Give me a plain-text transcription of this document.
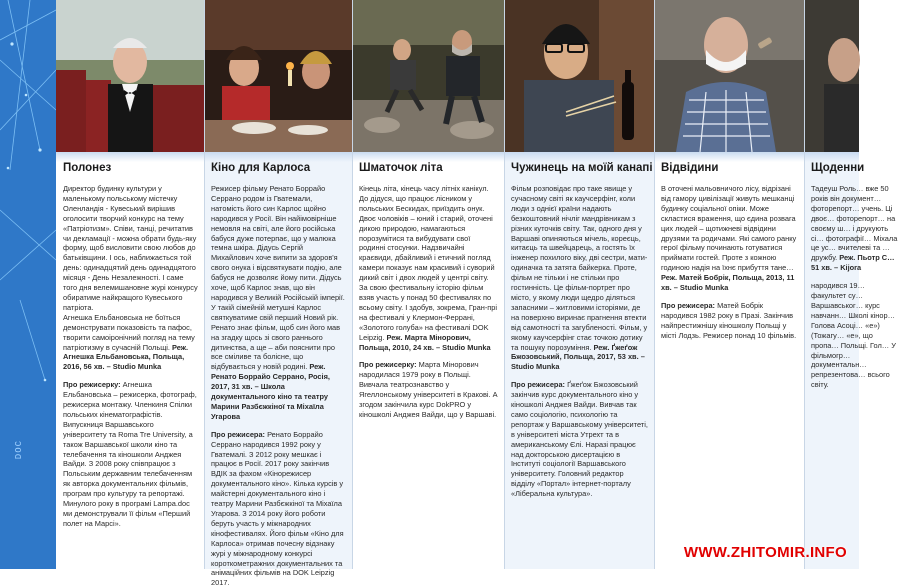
DOC
Полонез

Директор будинку культури у маленькому польському містечку Оленландія - Кувеський вирішив оголосити творчий конкурс на тему «Патріотизм». Співи, танці, речитатив чи декламації - можна обрати будь-яку форму, щоб висловити свою любов до батьківщини. І ось, наближається той день: одинадцятий день одинадцятого місяця - День Незалежності. І саме того дня велемишановне журі конкурсу обиратиме найкращого Кувеського патріота.
Агнешка Ельбановська не боїться демонструвати показовість та пафос, творити самоіронічний погляд на тему патріотизму в сучасній Польщі. Реж. Агнешка Ельбановська, Польща, 2016, 56 хв. – Studio Munka

Про режисерку: Агнешка Ельбановська – режисерка, фотограф, режисерка монтажу. Членкиня Спілки польських кінематографістів. Випускниця Варшавського університету та Roma Tre University, а також Варшавської школи кіно та телебачення та кіношколи Анджея Вайди. З 2008 року співпрацює з Польським державним телебаченням як авторка документальних фільмів, програм про культуру та репортажі. Минулого року в програмі Lampa.doc ми демонстрували її фільм «Перший полет на Марсі».

Кіно для Карлоса

Режисер фільму Ренато Боррайо Серрано родом із Гватемали, натомість його син Карлос щойно народився у Росії. Він найімовірніше немовля на світі, але його російська бабуся дуже потерпає, що у малюка темна шкіра. Дідусь Сергій Михайлович хоче випити за здоров'я свого онука і відсвяткувати подію, але бабуся не дозволяє йому пити. Дідусь хоче, щоб Карлос знав, що він народився у Великій Російській імперії. У такій сімейній метушні Карлос святкуватиме свій перший Новий рік. Ренато знає фільм, щоб син його мав на згадку щось зі свого раннього дитинства, а ще – аби пояснити про все сміливе та болісне, що відбувається у новій родині. Реж. Ренато Боррайо Серрано, Росія, 2017, 31 хв. – Школа документального кіно та театру Марини Разбєжкіної та Міхаїла Угарова

Про режисера: Ренато Боррайо Серрано народився 1992 року у Гватемалі. З 2012 року мешкає і працює в Росії. 2017 року закінчив ВДІК за фахом «Кінорежисер документального кіно». Кілька курсів у майстерні документального кіно і театру Марини Разбєжкіної та Міхаїла Угарова. З 2014 року його роботи беруть участь у міжнародних кінофестивалях. Його фільм «Кіно для Карлоса» отримав почесну відзнаку журі у міжнародному конкурсі короткометражних документальних та анімаційних фільмів на DOK Leipzig 2017.

Шматочок літа

Кінець літа, кінець часу літніх канікул. До дідуся, що працює лісником у польських Бескидах, приїздить онук. Двоє чоловіків – юний і старий, оточені дикою природою, намагаються порозумітися та вибудувати свої родинні стосунки. Надзвичайні краєвиди, дбайливий і етичний погляд камери показує нам красивий і суворий дикий світ і двох людей у центрі світу. За свою фестивальну історію фільм взяв участь у понад 50 фестивалях по всьому світу. І здобув, зокрема, Гран-прі на фестивалі у Клермон-Феррані, «Золотого голуба» на фестивалі DOK Leipzig. Реж. Марта Мінорович, Польща, 2010, 24 хв. – Studio Munka

Про режисерку: Марта Мінорович народилася 1979 року в Польщі. Вивчала театрознавство у Ягеллонському університеті в Кракові. А згодом закінчила курс DokPRO у кіношколі Анджея Вайди, що у Варшаві.

Чужинець на моїй канапі

Фільм розповідає про таке явище у сучасному світі як каучсерфінг, коли люди з однієї країни надають безкоштовний нічліг мандрівникам з різних куточків світу. Так, одного дня у Варшаві опиняються мічель, кореєць, китаєць та швейцарець, а гостять їх інженер похилого віку, дві сестри, мати-одиначка та затята байкерка. Проте, фільм не тільки і не стільки про гостинність. Це фільм-портрет про місто, у якому люди щедро діляться запасними – житловими історіями, де на поверхню виринає прагнення втекти від самотності та загубленості. Фільм, у якому каучсерфінг стає точкою дотику та пошуку порозуміння. Реж. Ґжеґож Бжозовський, Польща, 2017, 53 хв. – Studio Munka

Про режисера: Ґжеґож Бжозовський закінчив курс документального кіно у кіношколі Анджея Вайди. Вивчав так само соціологію, психологію та репортаж у Варшавському університеті, в університеті міста Утрехт та в американському Єлі. Наразі працює над докторською дисертацією в Інституті соціології Варшавського університету. Головний редактор відділу «Портал» інтернет-порталу «Ліберальна культура».

Відвідини

В оточені мальовничого лісу, відрізані від гамору цивілізації живуть мешканці будинку соціальної опіки. Може скластися враження, що єдина розвага цих людей – щотижневі відвідини друзями та родичами. Які самого ранку герої фільму починають готуватися приймати гостей. Проте з кожною годиною надія на їхнє прибуття тане… Реж. Матей Бобрік, Польща, 2013, 11 хв. – Studio Munka

Про режисера: Матей Бобрік народився 1982 року в Празі. Закінчив найпрестижнішу кіношколу Польщі у місті Лодзь. Режисер понад 10 фільмів.

Щоденни

Тадеуш Роль… вже 50 років він документ… фоторепорт… учень. Ці двоє… фоторепорт… на своєму ш… і друкують сі… фотографії… Міхала це ус… вчителеві та … дружбу. Реж. Пьотр С… 51 хв. – Kijora

народився 19… факультет су… Варшавськог… курс навчанн… Школі кінор… Голова Асоці… «е») (Тожагу… «е», що пропа… Польщі. Гол… У фільмогр… документальн… репрезентова… всього світу.

WWW.ZHITOMIR.INFO
